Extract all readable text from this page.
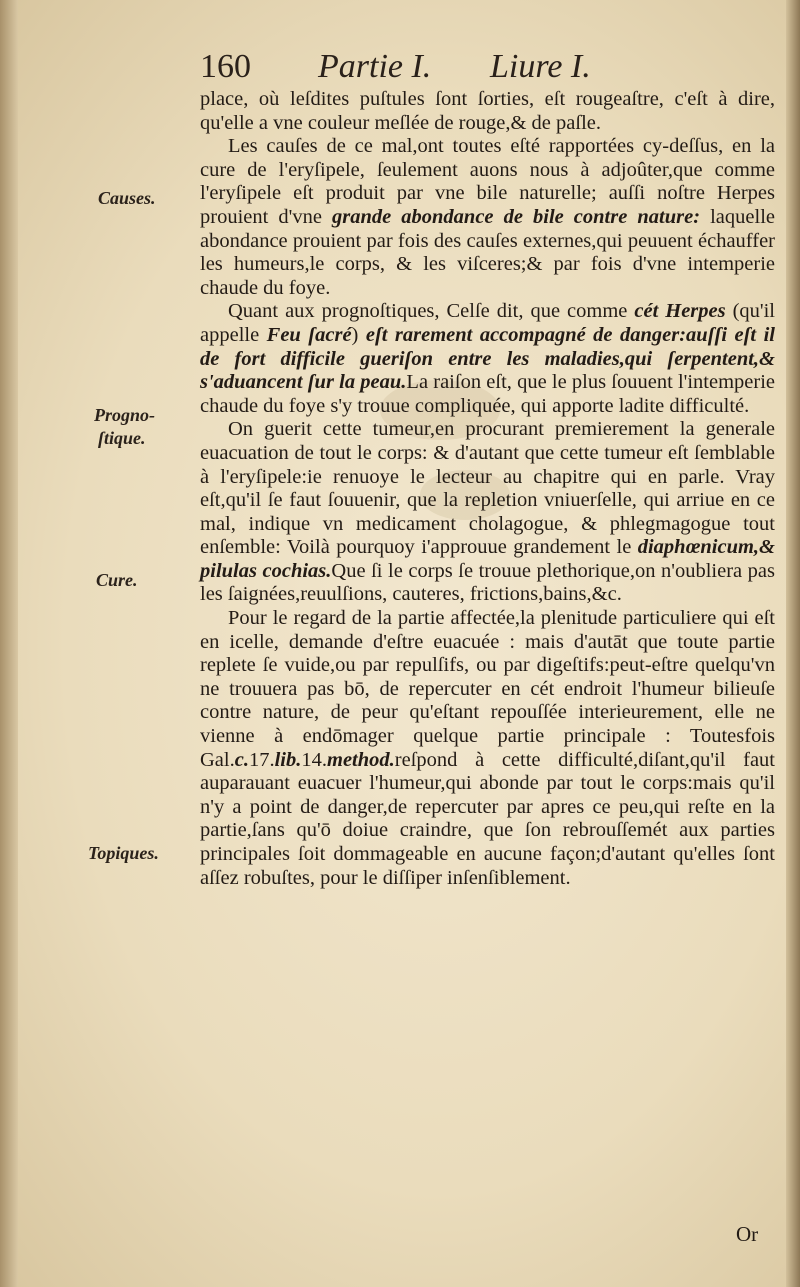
160 Partie I. Liure I.
Causes.
Progno-
ſtique.
Cure.
Topiques.

place, où leſdites puſtules ſont ſorties, eſt rougeaſtre, c'eſt à dire, qu'elle a vne couleur meſlée de rouge,& de paſle.

Les cauſes de ce mal,ont toutes eſté rapportées cy-deſſus, en la cure de l'eryſipele, ſeulement auons nous à adjoûter,que comme l'eryſipele eſt produit par vne bile naturelle; auſſi noſtre Herpes prouient d'vne grande abondance de bile contre nature: laquelle abondance prouient par fois des cauſes externes,qui peuuent échauffer les humeurs,le corps, & les viſceres;& par fois d'vne intemperie chaude du foye.

Quant aux prognoſtiques, Celſe dit, que comme cét Herpes (qu'il appelle Feu ſacré) eſt rarement accompagné de danger:auſſi eſt il de fort difficile gueriſon entre les maladies,qui ſerpentent,& s'aduancent ſur la peau.La raiſon eſt, que le plus ſouuent l'intemperie chaude du foye s'y trouue compliquée, qui apporte ladite difficulté.

On guerit cette tumeur,en procurant premierement la generale euacuation de tout le corps: & d'autant que cette tumeur eſt ſemblable à l'eryſipele:ie renuoye le lecteur au chapitre qui en parle. Vray eſt,qu'il ſe faut ſouuenir, que la repletion vniuerſelle, qui arriue en ce mal, indique vn medicament cholagogue, & phlegmagogue tout enſemble: Voilà pourquoy i'approuue grandement le diaphœnicum,& pilulas cochias.Que ſi le corps ſe trouue plethorique,on n'oubliera pas les ſaignées,reuulſions, cauteres, frictions,bains,&c.

Pour le regard de la partie affectée,la plenitude particuliere qui eſt en icelle, demande d'eſtre euacuée : mais d'autāt que toute partie replete ſe vuide,ou par repulſifs, ou par digeſtifs:peut-eſtre quelqu'vn ne trouuera pas bō, de repercuter en cét endroit l'humeur bilieuſe contre nature, de peur qu'eſtant repouſſée interieurement, elle ne vienne à endōmager quelque partie principale : Toutesfois Gal.c.17.lib.14.method.reſpond à cette difficulté,diſant,qu'il faut auparauant euacuer l'humeur,qui abonde par tout le corps:mais qu'il n'y a point de danger,de repercuter par apres ce peu,qui reſte en la partie,ſans qu'ō doiue craindre, que ſon rebrouſſemét aux parties principales ſoit dommageable en aucune façon;d'autant qu'elles ſont aſſez robuſtes, pour le diſſiper inſenſiblement.

Or
